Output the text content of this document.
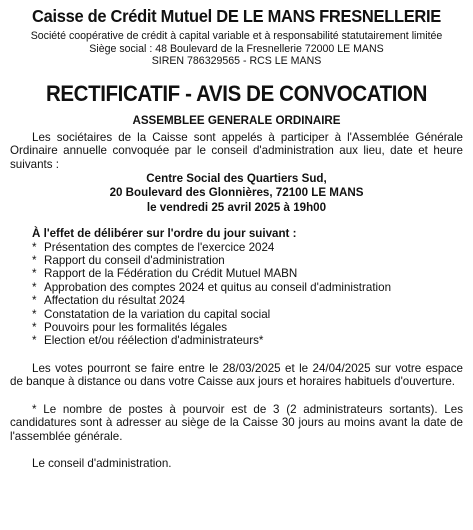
Caisse de Crédit Mutuel DE LE MANS FRESNELLERIE
Société coopérative de crédit à capital variable et à responsabilité statutairement limitée
Siège social : 48 Boulevard de la Fresnellerie 72000 LE MANS
SIREN 786329565 - RCS LE MANS
RECTIFICATIF - AVIS DE CONVOCATION
ASSEMBLEE GENERALE ORDINAIRE

Les sociétaires de la Caisse sont appelés à participer à l'Assemblée Générale Ordinaire annuelle convoquée par le conseil d'administration aux lieu, date et heure suivants :

Centre Social des Quartiers Sud,
20 Boulevard des Glonnières, 72100 LE MANS
le vendredi 25 avril 2025 à 19h00
À l'effet de délibérer sur l'ordre du jour suivant :
* Présentation des comptes de l'exercice 2024
* Rapport du conseil d'administration
* Rapport de la Fédération du Crédit Mutuel MABN
* Approbation des comptes 2024 et quitus au conseil d'administration
* Affectation du résultat 2024
* Constatation de la variation du capital social
* Pouvoirs pour les formalités légales
* Election et/ou réélection d'administrateurs*

Les votes pourront se faire entre le 28/03/2025 et le 24/04/2025 sur votre espace de banque à distance ou dans votre Caisse aux jours et horaires habituels d'ouverture.

* Le nombre de postes à pourvoir est de 3 (2 administrateurs sortants). Les candidatures sont à adresser au siège de la Caisse 30 jours au moins avant la date de l'assemblée générale.

Le conseil d'administration.
